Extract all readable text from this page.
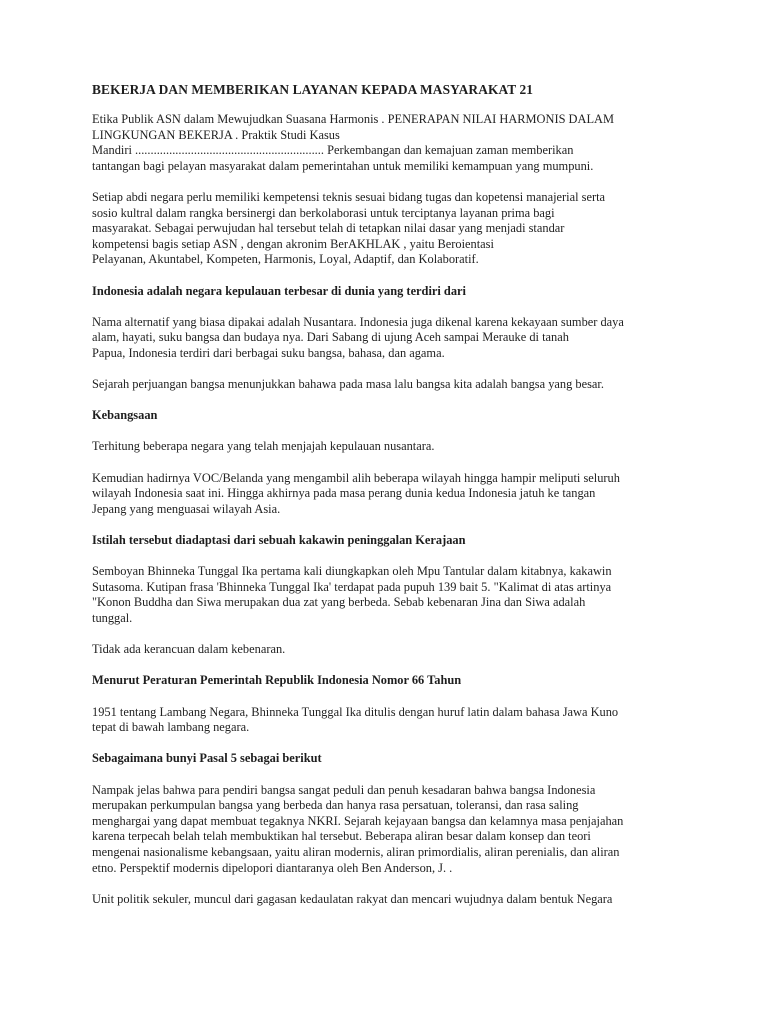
BEKERJA DAN MEMBERIKAN LAYANAN KEPADA MASYARAKAT 21
Etika Publik ASN dalam Mewujudkan Suasana Harmonis . PENERAPAN NILAI HARMONIS DALAM
LINGKUNGAN BEKERJA . Praktik Studi Kasus
Mandiri ............................................................. Perkembangan dan kemajuan zaman memberikan
tantangan bagi pelayan masyarakat dalam pemerintahan untuk memiliki kemampuan yang mumpuni.
Setiap abdi negara perlu memiliki kempetensi teknis sesuai bidang tugas dan kopetensi manajerial serta
sosio kultral dalam rangka bersinergi dan berkolaborasi untuk terciptanya layanan prima bagi
masyarakat. Sebagai perwujudan hal tersebut telah di tetapkan nilai dasar yang menjadi standar
kompetensi bagis setiap ASN , dengan akronim BerAKHLAK , yaitu Beroientasi
Pelayanan, Akuntabel, Kompeten, Harmonis, Loyal, Adaptif, dan Kolaboratif.
Indonesia adalah negara kepulauan terbesar di dunia yang terdiri dari
Nama alternatif yang biasa dipakai adalah Nusantara. Indonesia juga dikenal karena kekayaan sumber daya
alam, hayati, suku bangsa dan budaya nya. Dari Sabang di ujung Aceh sampai Merauke di tanah
Papua, Indonesia terdiri dari berbagai suku bangsa, bahasa, dan agama.
Sejarah perjuangan bangsa menunjukkan bahawa pada masa lalu bangsa kita adalah bangsa yang besar.
Kebangsaan
Terhitung beberapa negara yang telah menjajah kepulauan nusantara.
Kemudian hadirnya VOC/Belanda yang mengambil alih beberapa wilayah hingga hampir meliputi seluruh
wilayah Indonesia saat ini. Hingga akhirnya pada masa perang dunia kedua Indonesia jatuh ke tangan
Jepang yang menguasai wilayah Asia.
Istilah tersebut diadaptasi dari sebuah kakawin peninggalan Kerajaan
Semboyan Bhinneka Tunggal Ika pertama kali diungkapkan oleh Mpu Tantular dalam kitabnya, kakawin
Sutasoma. Kutipan frasa 'Bhinneka Tunggal Ika' terdapat pada pupuh 139 bait 5. "Kalimat di atas artinya
"Konon Buddha dan Siwa merupakan dua zat yang berbeda. Sebab kebenaran Jina dan Siwa adalah
tunggal.
Tidak ada kerancuan dalam kebenaran.
Menurut Peraturan Pemerintah Republik Indonesia Nomor 66 Tahun
1951 tentang Lambang Negara, Bhinneka Tunggal Ika ditulis dengan huruf latin dalam bahasa Jawa Kuno
tepat di bawah lambang negara.
Sebagaimana bunyi Pasal 5 sebagai berikut
Nampak jelas bahwa para pendiri bangsa sangat peduli dan penuh kesadaran bahwa bangsa Indonesia
merupakan perkumpulan bangsa yang berbeda dan hanya rasa persatuan, toleransi, dan rasa saling
menghargai yang dapat membuat tegaknya NKRI. Sejarah kejayaan bangsa dan kelamnya masa penjajahan
karena terpecah belah telah membuktikan hal tersebut. Beberapa aliran besar dalam konsep dan teori
mengenai nasionalisme kebangsaan, yaitu aliran modernis, aliran primordialis, aliran perenialis, dan aliran
etno. Perspektif modernis dipelopori diantaranya oleh Ben Anderson, J. .
Unit politik sekuler, muncul dari gagasan kedaulatan rakyat dan mencari wujudnya dalam bentuk Negara
